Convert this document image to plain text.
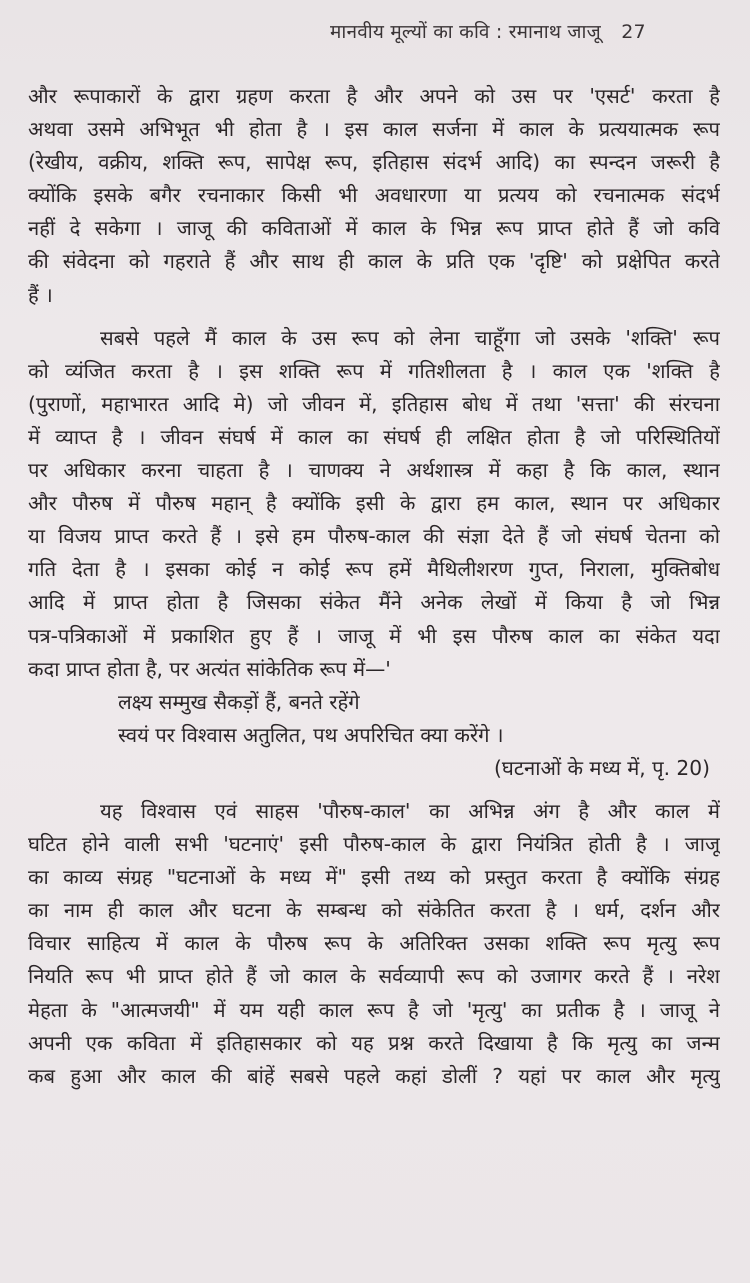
मानवीय मूल्यों का कवि : रमानाथ जाजू 27
और रूपाकारों के द्वारा ग्रहण करता है और अपने को उस पर 'एसर्ट' करता है
अथवा उसमे अभिभूत भी होता है । इस काल सर्जना में काल के प्रत्ययात्मक रूप
(रेखीय, वक्रीय, शक्ति रूप, सापेक्ष रूप, इतिहास संदर्भ आदि) का स्पन्दन जरूरी है
क्योंकि इसके बगैर रचनाकार किसी भी अवधारणा या प्रत्यय को रचनात्मक संदर्भ
नहीं दे सकेगा । जाजू की कविताओं में काल के भिन्न रूप प्राप्त होते हैं जो कवि
की संवेदना को गहराते हैं और साथ ही काल के प्रति एक 'दृष्टि' को प्रक्षेपित करते
हैं ।
सबसे पहले मैं काल के उस रूप को लेना चाहूँगा जो उसके 'शक्ति' रूप
को व्यंजित करता है । इस शक्ति रूप में गतिशीलता है । काल एक 'शक्ति है
(पुराणों, महाभारत आदि मे) जो जीवन में, इतिहास बोध में तथा 'सत्ता' की संरचना
में व्याप्त है । जीवन संघर्ष में काल का संघर्ष ही लक्षित होता है जो परिस्थितियों
पर अधिकार करना चाहता है । चाणक्य ने अर्थशास्त्र में कहा है कि काल, स्थान
और पौरुष में पौरुष महान् है क्योंकि इसी के द्वारा हम काल, स्थान पर अधिकार
या विजय प्राप्त करते हैं । इसे हम पौरुष-काल की संज्ञा देते हैं जो संघर्ष चेतना को
गति देता है । इसका कोई न कोई रूप हमें मैथिलीशरण गुप्त, निराला, मुक्तिबोध
आदि में प्राप्त होता है जिसका संकेत मैंने अनेक लेखों में किया है जो भिन्न
पत्र-पत्रिकाओं में प्रकाशित हुए हैं । जाजू में भी इस पौरुष काल का संकेत यदा
कदा प्राप्त होता है, पर अत्यंत सांकेतिक रूप में—'
लक्ष्य सम्मुख सैकड़ों हैं, बनते रहेंगे
स्वयं पर विश्वास अतुलित, पथ अपरिचित क्या करेंगे ।
(घटनाओं के मध्य में, पृ. 20)
यह विश्वास एवं साहस 'पौरुष-काल' का अभिन्न अंग है और काल में
घटित होने वाली सभी 'घटनाएं' इसी पौरुष-काल के द्वारा नियंत्रित होती है । जाजू
का काव्य संग्रह "घटनाओं के मध्य में" इसी तथ्य को प्रस्तुत करता है क्योंकि संग्रह
का नाम ही काल और घटना के सम्बन्ध को संकेतित करता है । धर्म, दर्शन और
विचार साहित्य में काल के पौरुष रूप के अतिरिक्त उसका शक्ति रूप मृत्यु रूप
नियति रूप भी प्राप्त होते हैं जो काल के सर्वव्यापी रूप को उजागर करते हैं । नरेश
मेहता के "आत्मजयी" में यम यही काल रूप है जो 'मृत्यु' का प्रतीक है । जाजू ने
अपनी एक कविता में इतिहासकार को यह प्रश्न करते दिखाया है कि मृत्यु का जन्म
कब हुआ और काल की बांहें सबसे पहले कहां डोलीं ? यहां पर काल और मृत्यु
